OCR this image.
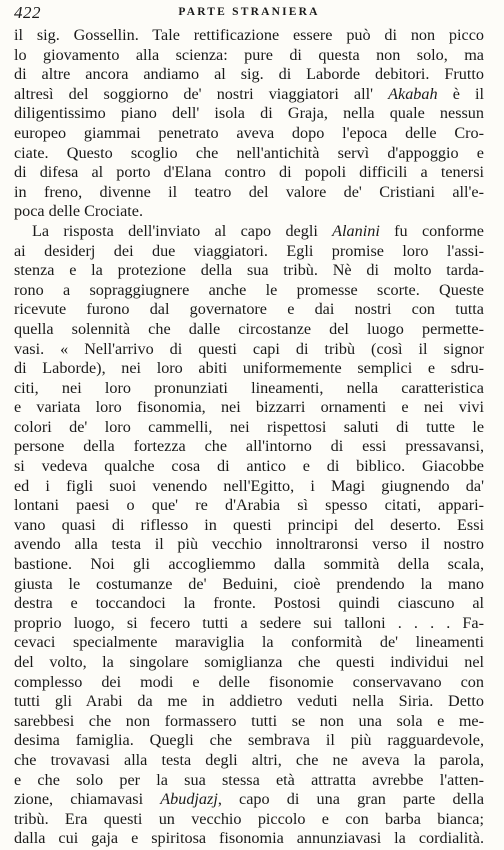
422	PARTE STRANIERA
il sig. Gossellin. Tale rettificazione essere può di non picco
lo giovamento alla scienza: pure di questa non solo, ma
di altre ancora andiamo al sig. di Laborde debitori. Frutto
altresì del soggiorno de' nostri viaggiatori all' Akabah è il
diligentissimo piano dell' isola di Graja, nella quale nessun
europeo giammai penetrato aveva dopo l'epoca delle Cro-
ciate. Questo scoglio che nell'antichità servì d'appoggio e
di difesa al porto d'Elana contro di popoli difficili a tenersi
in freno, divenne il teatro del valore de' Cristiani all'e-
poca delle Crociate.
La risposta dell'inviato al capo degli Alanini fu conforme
ai desiderj dei due viaggiatori. Egli promise loro l'assi-
stenza e la protezione della sua tribù. Nè di molto tarda-
rono a sopraggiugnere anche le promesse scorte. Queste
ricevute furono dal governatore e dai nostri con tutta
quella solennità che dalle circostanze del luogo permette-
vasi. « Nell'arrivo di questi capi di tribù (così il signor
di Laborde), nei loro abiti uniformemente semplici e sdru-
citi, nei loro pronunziati lineamenti, nella caratteristica
e variata loro fisonomia, nei bizzarri ornamenti e nei vivi
colori de' loro cammelli, nei rispettosi saluti di tutte le
persone della fortezza che all'intorno di essi pressavansi,
si vedeva qualche cosa di antico e di biblico. Giacobbe
ed i figli suoi venendo nell'Egitto, i Magi giugnendo da'
lontani paesi o que' re d'Arabia sì spesso citati, appari-
vano quasi di riflesso in questi principi del deserto. Essi
avendo alla testa il più vecchio innoltraronsi verso il nostro
bastione. Noi gli accogliemmo dalla sommità della scala,
giusta le costumanze de' Beduini, cioè prendendo la mano
destra e toccandoci la fronte. Postosi quindi ciascuno al
proprio luogo, si fecero tutti a sedere sui talloni . . . . Fa-
cevaci specialmente maraviglia la conformità de' lineamenti
del volto, la singolare somiglianza che questi individui nel
complesso dei modi e delle fisonomie conservavano con
tutti gli Arabi da me in addietro veduti nella Siria. Detto
sarebbesi che non formassero tutti se non una sola e me-
desima famiglia. Quegli che sembrava il più ragguardevole,
che trovavasi alla testa degli altri, che ne aveva la parola,
e che solo per la sua stessa età attratta avrebbe l'atten-
zione, chiamavasi Abudjazj, capo di una gran parte della
tribù. Era questi un vecchio piccolo e con barba bianca;
dalla cui gaja e spiritosa fisonomia annunziavasi la cordialità.
